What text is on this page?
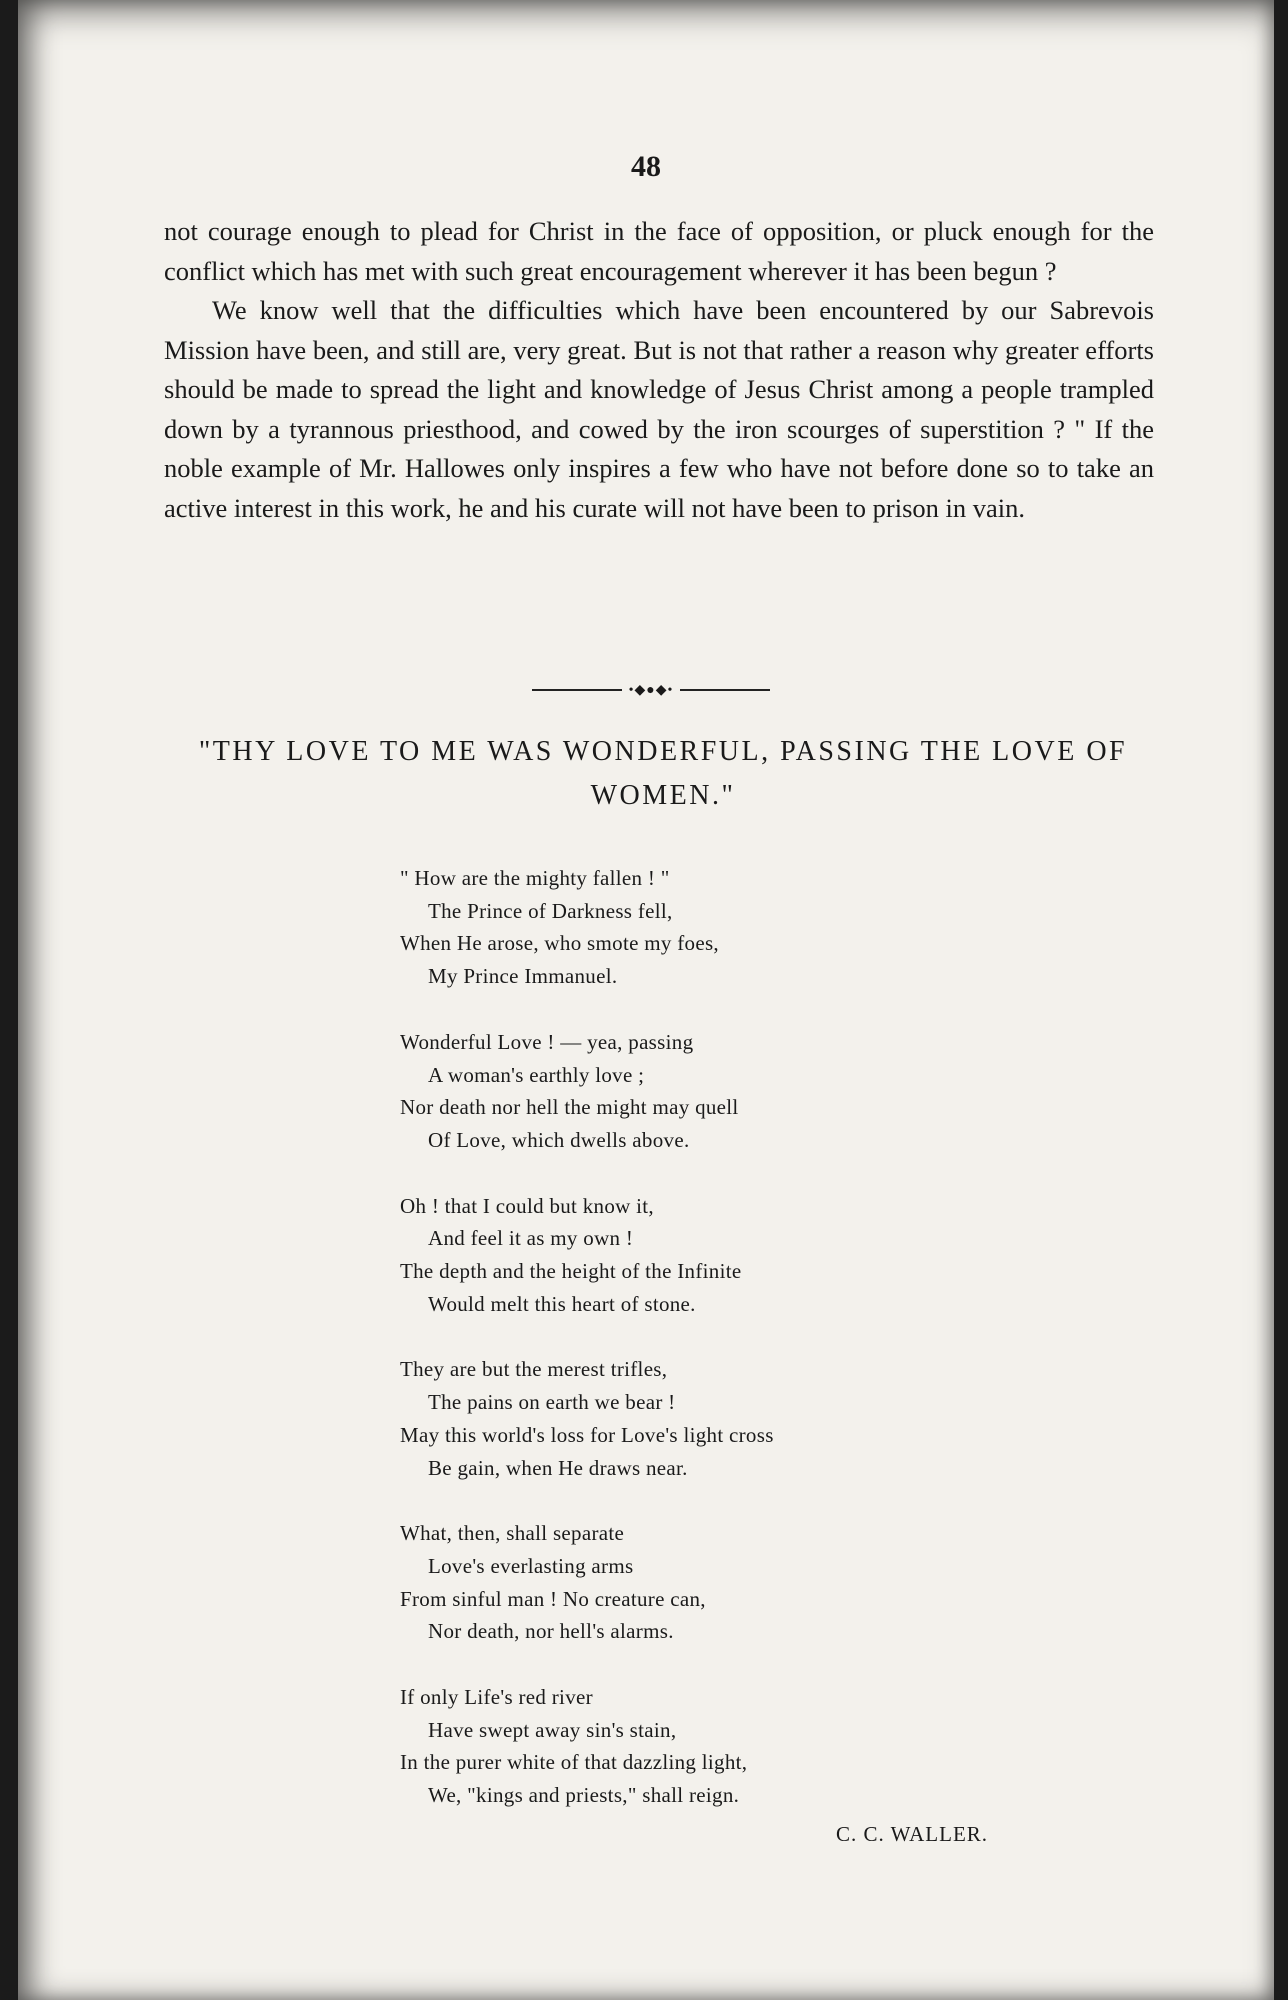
48

not courage enough to plead for Christ in the face of opposition, or pluck enough for the conflict which has met with such great encouragement wherever it has been begun ?

We know well that the difficulties which have been encountered by our Sabrevois Mission have been, and still are, very great. But is not that rather a reason why greater efforts should be made to spread the light and knowledge of Jesus Christ among a people trampled down by a tyrannous priesthood, and cowed by the iron scourges of superstition ? " If the noble example of Mr. Hallowes only inspires a few who have not before done so to take an active interest in this work, he and his curate will not have been to prison in vain.

•◆●◆•
"THY LOVE TO ME WAS WONDERFUL, PASSING THE LOVE OF WOMEN."
" How are the mighty fallen ! "
The Prince of Darkness fell,
When He arose, who smote my foes,
My Prince Immanuel.
Wonderful Love ! — yea, passing
A woman's earthly love ;
Nor death nor hell the might may quell
Of Love, which dwells above.
Oh ! that I could but know it,
And feel it as my own !
The depth and the height of the Infinite
Would melt this heart of stone.
They are but the merest trifles,
The pains on earth we bear !
May this world's loss for Love's light cross
Be gain, when He draws near.
What, then, shall separate
Love's everlasting arms
From sinful man ! No creature can,
Nor death, nor hell's alarms.
If only Life's red river
Have swept away sin's stain,
In the purer white of that dazzling light,
We, "kings and priests," shall reign.
C. C. WALLER.
